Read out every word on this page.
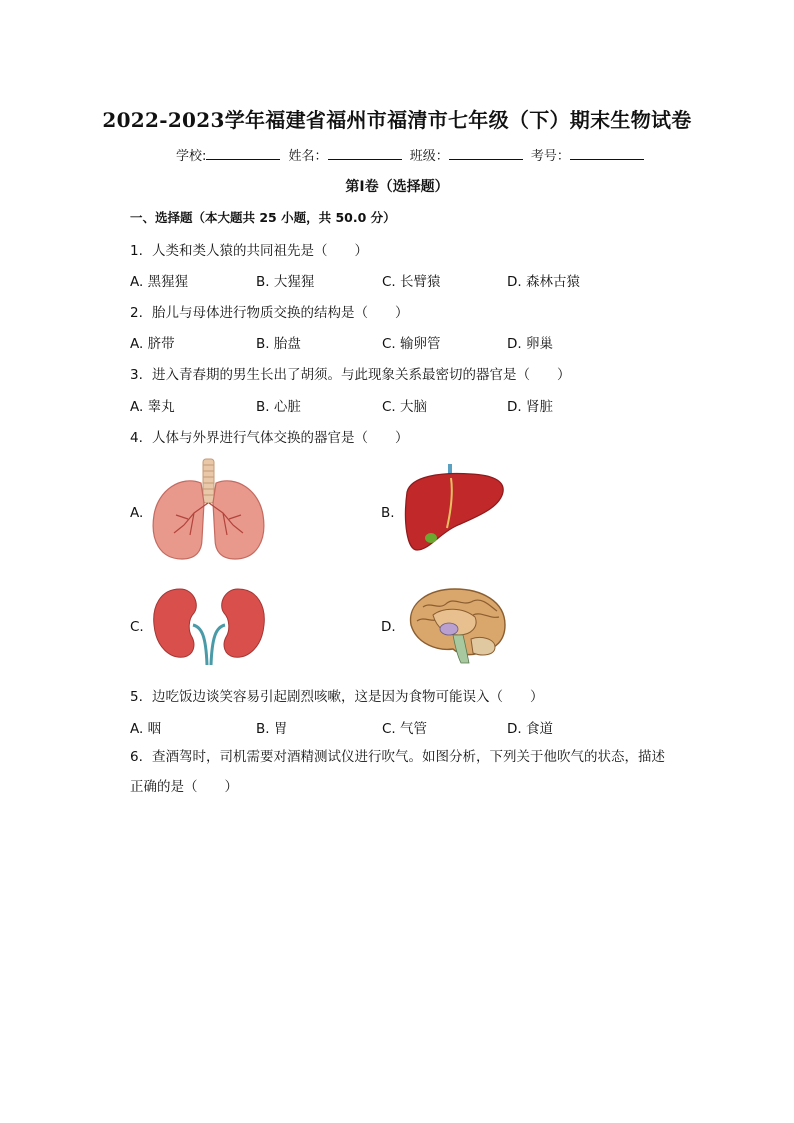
2022-2023学年福建省福州市福清市七年级（下）期末生物试卷
学校:	姓名：	班级：	考号：
第I卷（选择题）
一、选择题（本大题共 25 小题，共 50.0 分）
1. 人类和类人猿的共同祖先是（　　）
A. 黑猩猩	B. 大猩猩	C. 长臂猿	D. 森林古猿
2. 胎儿与母体进行物质交换的结构是（　　）
A. 脐带	B. 胎盘	C. 输卵管	D. 卵巢
3. 进入青春期的男生长出了胡须。与此现象关系最密切的器官是（　　）
A. 睾丸	B. 心脏	C. 大脑	D. 肾脏
4. 人体与外界进行气体交换的器官是（　　）
A.	B.
C.	D.
5. 边吃饭边谈笑容易引起剧烈咳嗽，这是因为食物可能误入（　　）
A. 咽	B. 胃	C. 气管	D. 食道
6. 查酒驾时，司机需要对酒精测试仪进行吹气。如图分析，下列关于他吹气的状态，描述
正确的是（　　）
